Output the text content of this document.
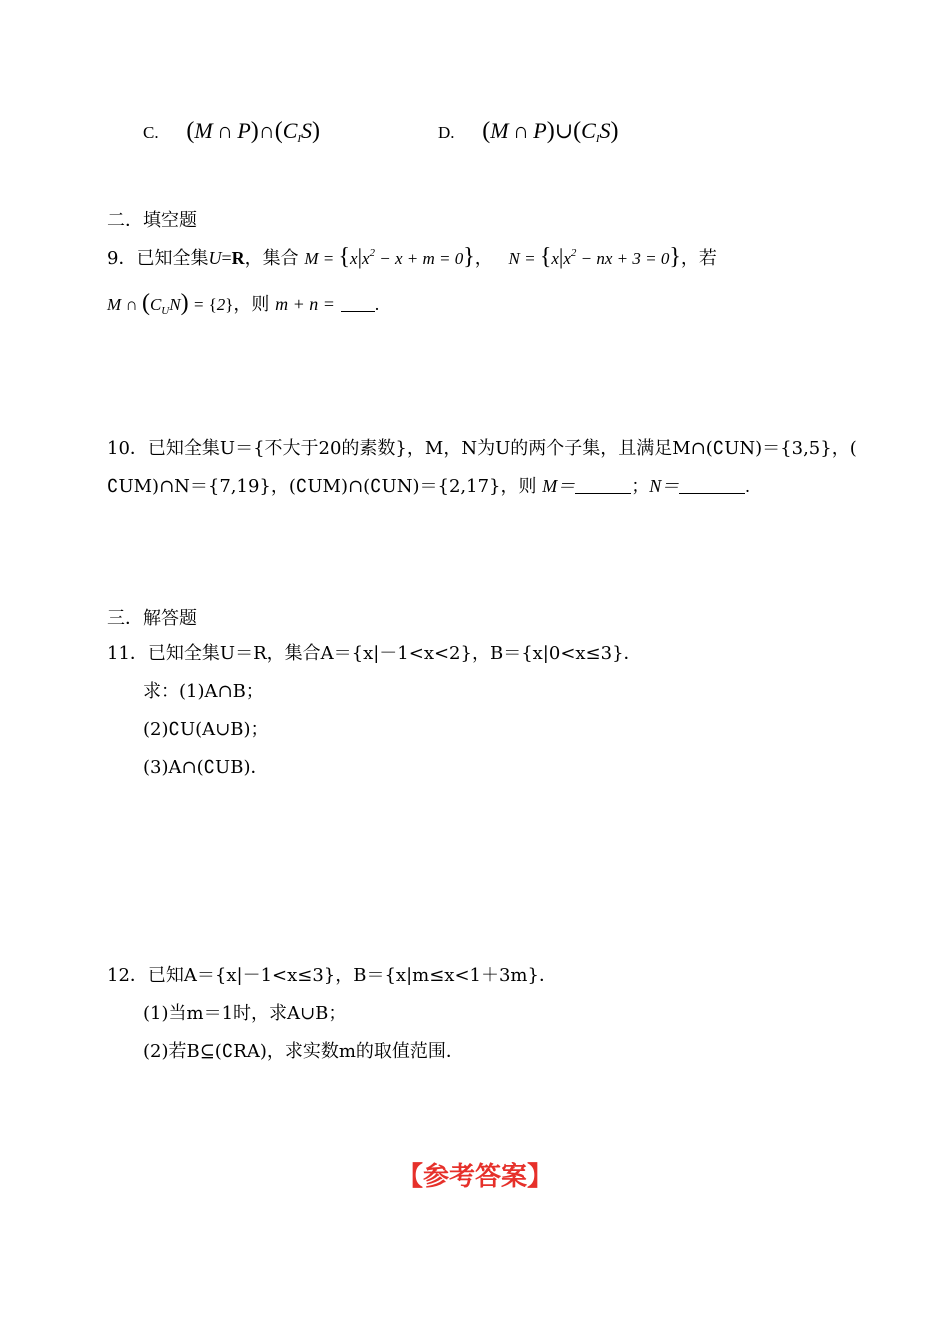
C. (M ∩ $P)\cap(C_IS)$	D. (M ∩ $P)\cup(C_IS)$
二．填空题
9．已知全集U=R，集合 $M = \{x|x^2 - x + m = 0\}$， $N = \{x|x^2$ − nx + 3 = 0}，若
M ∩ $(C_UN) = \{2\}$，则 m + n = .
10．已知全集U＝{不大于20的素数}，M，N为U的两个子集，且满足M∩(∁UN)＝{3,5}，(
∁UM)∩N＝{7,19}，(∁UM)∩(∁UN)＝{2,17}，则 M＝	；N＝	.
三．解答题
11．已知全集U＝R，集合A＝{x|－1<x<2}，B＝{x|0<x≤3}．
求：(1)A∩B；
(2)∁U(A∪B)；
(3)A∩(∁UB)．
12．已知A＝{x|－1<x≤3}，B＝{x|m≤x<1＋3m}．
(1)当m＝1时，求A∪B；
(2)若B⊆(∁RA)，求实数m的取值范围．
【参考答案】
